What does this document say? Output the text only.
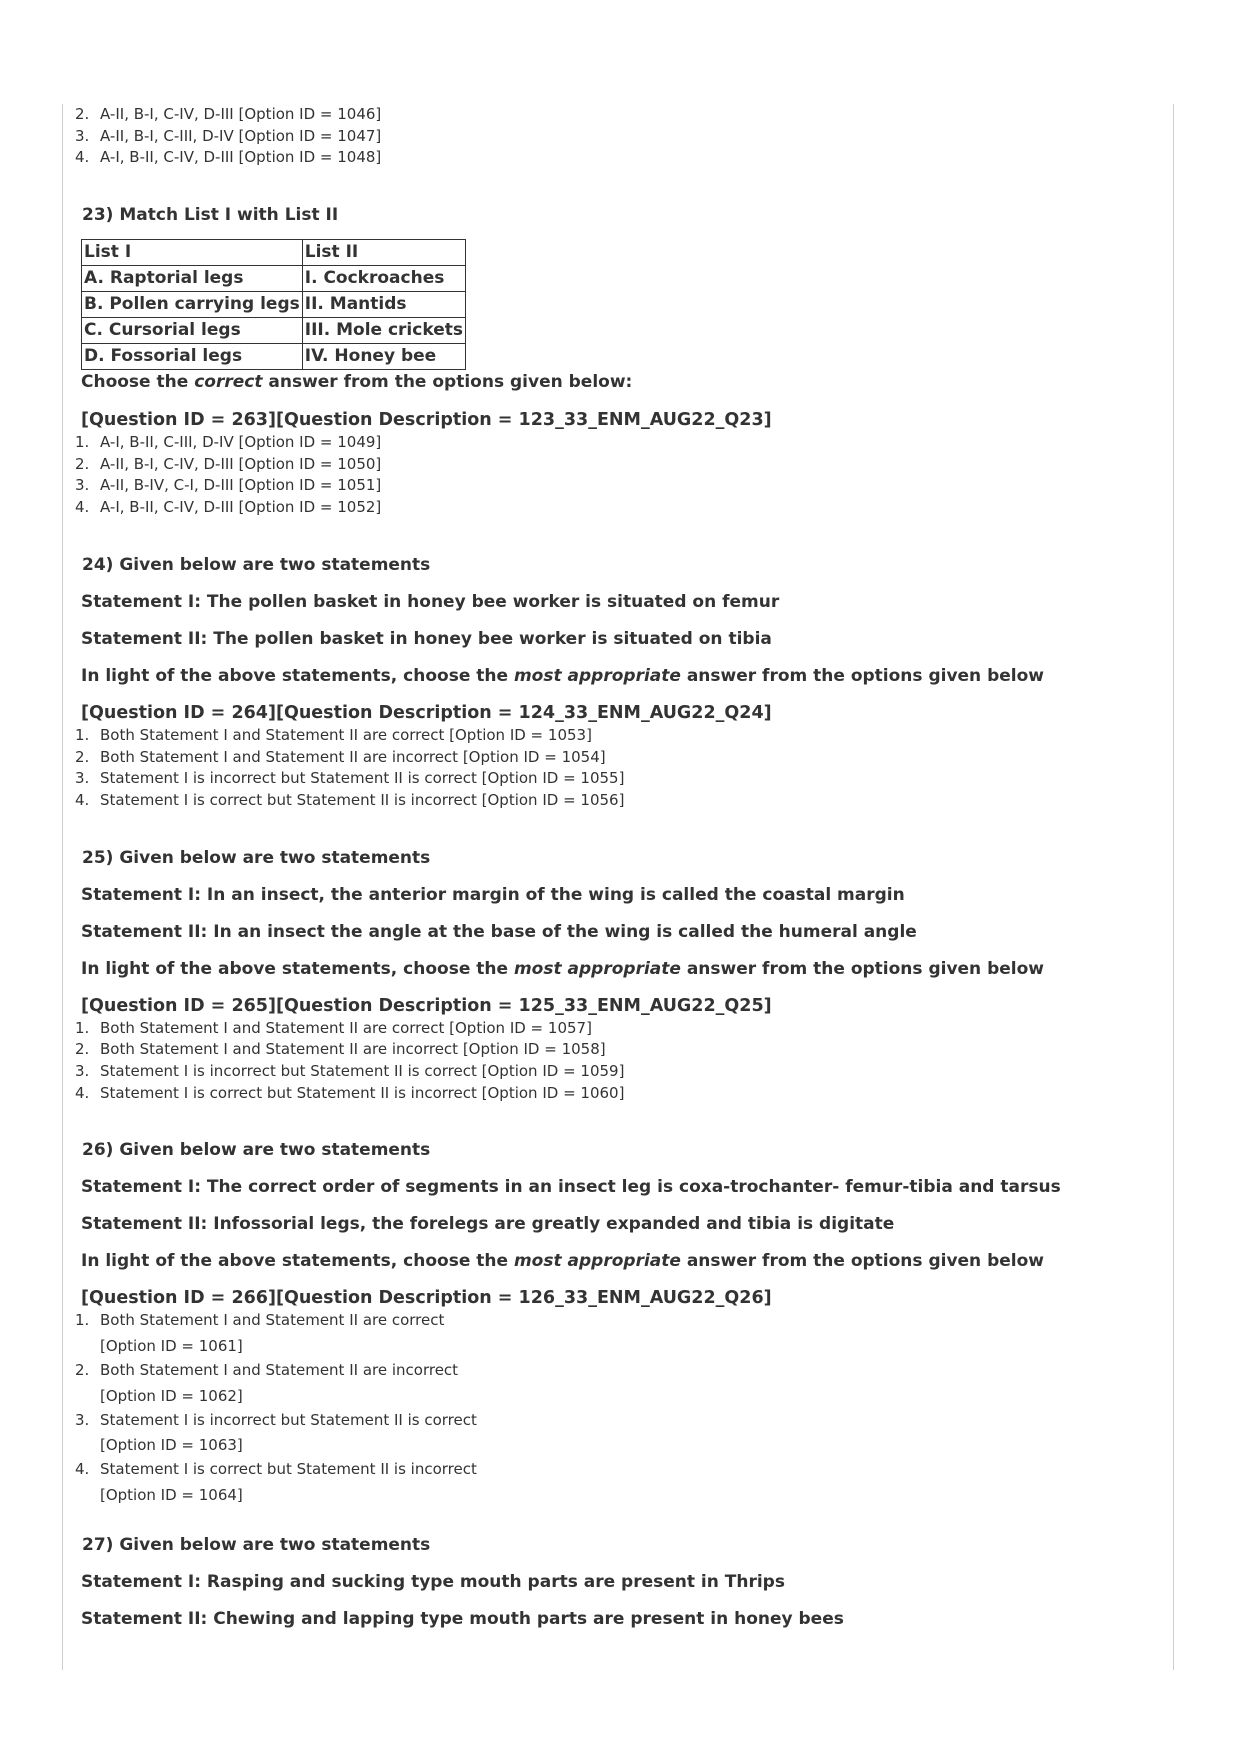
2. A-II, B-I, C-IV, D-III [Option ID = 1046]
3. A-II, B-I, C-III, D-IV [Option ID = 1047]
4. A-I, B-II, C-IV, D-III [Option ID = 1048]

23) Match List I with List II

List I	List II
A. Raptorial legs	I. Cockroaches
B. Pollen carrying legs	II. Mantids
C. Cursorial legs	III. Mole crickets
D. Fossorial legs	IV. Honey bee

Choose the correct answer from the options given below:

[Question ID = 263][Question Description = 123_33_ENM_AUG22_Q23]

1. A-I, B-II, C-III, D-IV [Option ID = 1049]
2. A-II, B-I, C-IV, D-III [Option ID = 1050]
3. A-II, B-IV, C-I, D-III [Option ID = 1051]
4. A-I, B-II, C-IV, D-III [Option ID = 1052]

24) Given below are two statements

Statement I: The pollen basket in honey bee worker is situated on femur

Statement II: The pollen basket in honey bee worker is situated on tibia

In light of the above statements, choose the most appropriate answer from the options given below

[Question ID = 264][Question Description = 124_33_ENM_AUG22_Q24]

1. Both Statement I and Statement II are correct [Option ID = 1053]
2. Both Statement I and Statement II are incorrect [Option ID = 1054]
3. Statement I is incorrect but Statement II is correct [Option ID = 1055]
4. Statement I is correct but Statement II is incorrect [Option ID = 1056]

25) Given below are two statements

Statement I: In an insect, the anterior margin of the wing is called the coastal margin

Statement II: In an insect the angle at the base of the wing is called the humeral angle

In light of the above statements, choose the most appropriate answer from the options given below

[Question ID = 265][Question Description = 125_33_ENM_AUG22_Q25]

1. Both Statement I and Statement II are correct [Option ID = 1057]
2. Both Statement I and Statement II are incorrect [Option ID = 1058]
3. Statement I is incorrect but Statement II is correct [Option ID = 1059]
4. Statement I is correct but Statement II is incorrect [Option ID = 1060]

26) Given below are two statements

Statement I: The correct order of segments in an insect leg is coxa-trochanter- femur-tibia and tarsus

Statement II: Infossorial legs, the forelegs are greatly expanded and tibia is digitate

In light of the above statements, choose the most appropriate answer from the options given below

[Question ID = 266][Question Description = 126_33_ENM_AUG22_Q26]

1. Both Statement I and Statement II are correct
[Option ID = 1061]
2. Both Statement I and Statement II are incorrect
[Option ID = 1062]
3. Statement I is incorrect but Statement II is correct
[Option ID = 1063]
4. Statement I is correct but Statement II is incorrect
[Option ID = 1064]

27) Given below are two statements

Statement I: Rasping and sucking type mouth parts are present in Thrips

Statement II: Chewing and lapping type mouth parts are present in honey bees
